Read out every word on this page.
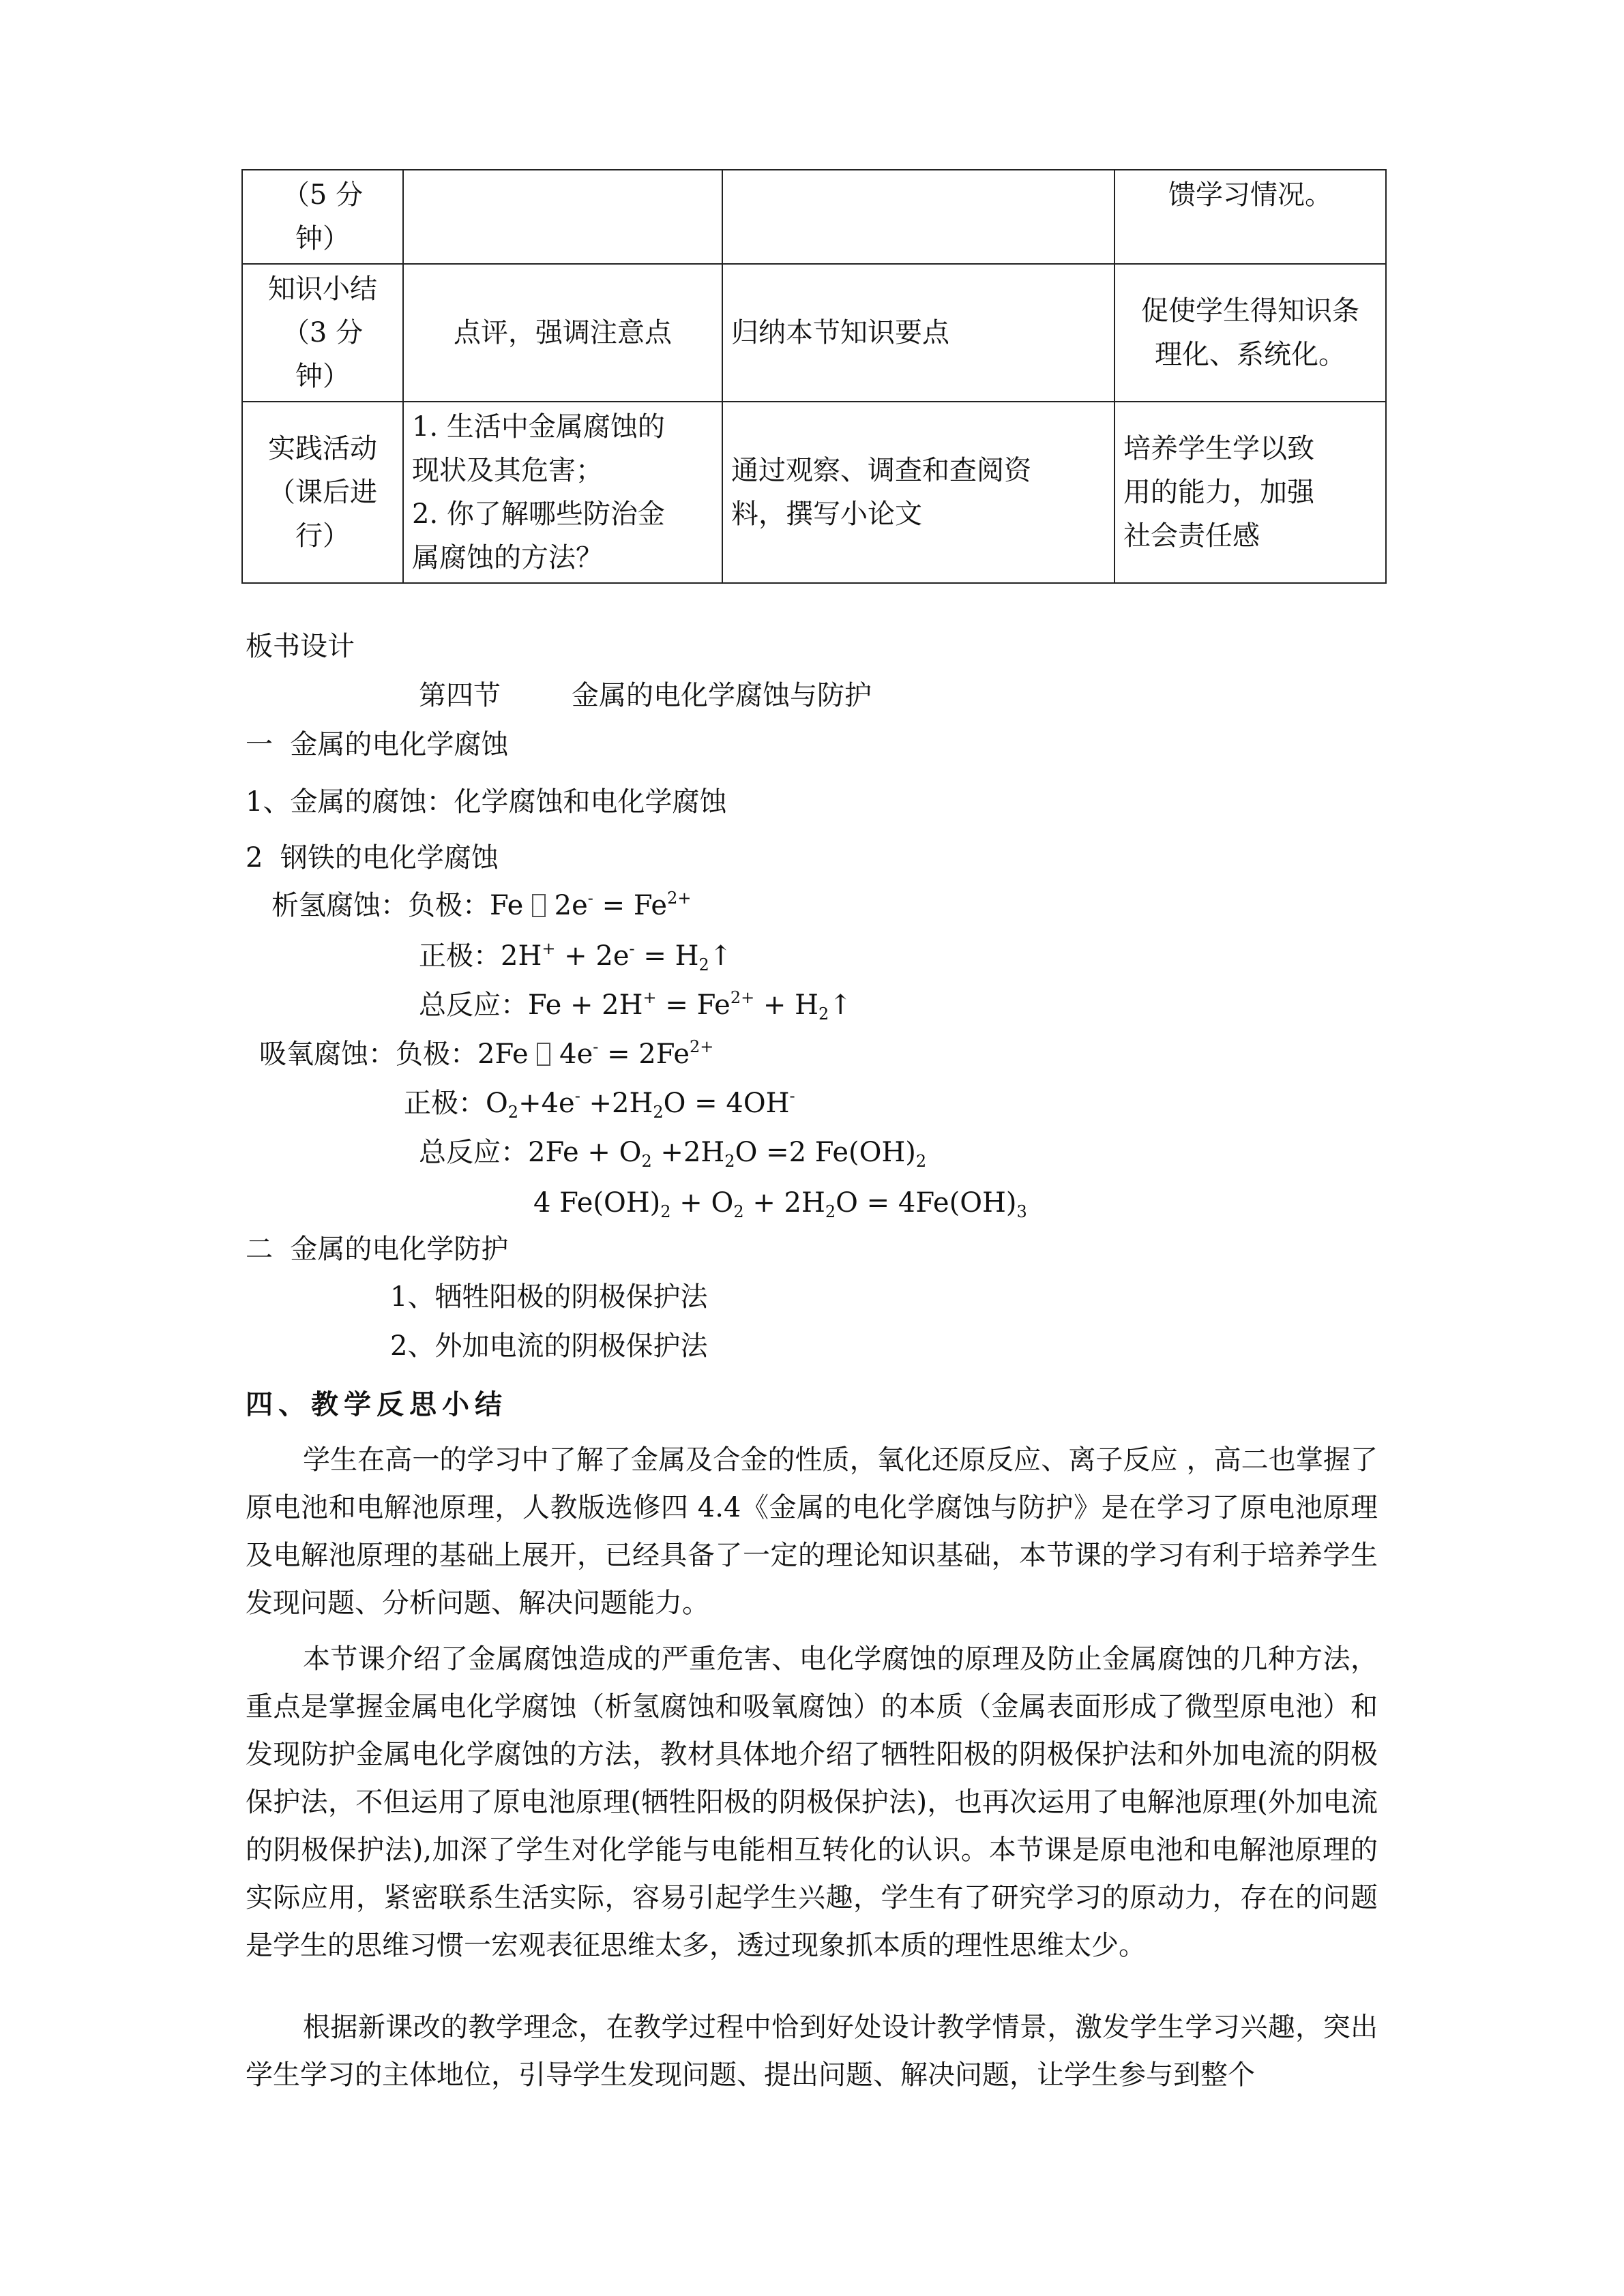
（5 分
钟）			馈学习情况。
知识小结
（3 分
钟）	点评，强调注意点	归纳本节知识要点	促使学生得知识条
理化、系统化。
实践活动
（课后进
行）	1. 生活中金属腐蚀的
现状及其危害；
2. 你了解哪些防治金
属腐蚀的方法？	通过观察、调查和查阅资
料，撰写小论文	培养学生学以致
用的能力，加强
社会责任感
板书设计
第四节	金属的电化学腐蚀与防护
一  金属的电化学腐蚀
1、金属的腐蚀：化学腐蚀和电化学腐蚀
2  钢铁的电化学腐蚀
析氢腐蚀：负极：Fe  $2e^- = Fe^{2+}$
正极：$2H^+ + 2e^- = H_2↑$
总反应：$Fe + 2H^+ = Fe^{2+}$ + $H_2↑$
吸氧腐蚀：负极：2Fe  $4e^- = 2Fe^{2+}$
正极：$O_2+4e^- +2H_2O = 4OH^-$
总反应：$2Fe + O_2 +2H_2O =2$ $Fe(OH)_2$
4 $Fe(OH)_2 + O_2 + 2H_2O = 4Fe(OH)_3$
二  金属的电化学防护
1、牺牲阳极的阴极保护法
2、外加电流的阴极保护法
四、教学反思小结

学生在高一的学习中了解了金属及合金的性质，氧化还原反应、离子反应 ，高二也掌握了原电池和电解池原理，人教版选修四 4.4《金属的电化学腐蚀与防护》是在学习了原电池原理及电解池原理的基础上展开，已经具备了一定的理论知识基础，本节课的学习有利于培养学生发现问题、分析问题、解决问题能力。

本节课介绍了金属腐蚀造成的严重危害、电化学腐蚀的原理及防止金属腐蚀的几种方法，重点是掌握金属电化学腐蚀（析氢腐蚀和吸氧腐蚀）的本质（金属表面形成了微型原电池）和发现防护金属电化学腐蚀的方法，教材具体地介绍了牺牲阳极的阴极保护法和外加电流的阴极保护法，不但运用了原电池原理(牺牲阳极的阴极保护法)，也再次运用了电解池原理(外加电流的阴极保护法),加深了学生对化学能与电能相互转化的认识。本节课是原电池和电解池原理的实际应用，紧密联系生活实际，容易引起学生兴趣，学生有了研究学习的原动力，存在的问题是学生的思维习惯一宏观表征思维太多，透过现象抓本质的理性思维太少。

根据新课改的教学理念，在教学过程中恰到好处设计教学情景，激发学生学习兴趣，突出学生学习的主体地位，引导学生发现问题、提出问题、解决问题，让学生参与到整个
